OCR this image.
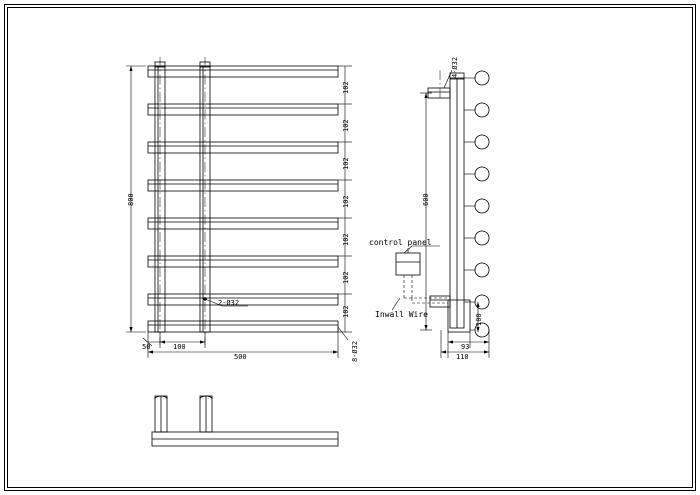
800
102
102
102
102
102
102
102
500
100
50
2-Ø32
8-Ø32
600
4-Ø32
100
93
110
control panel
Inwall Wire
